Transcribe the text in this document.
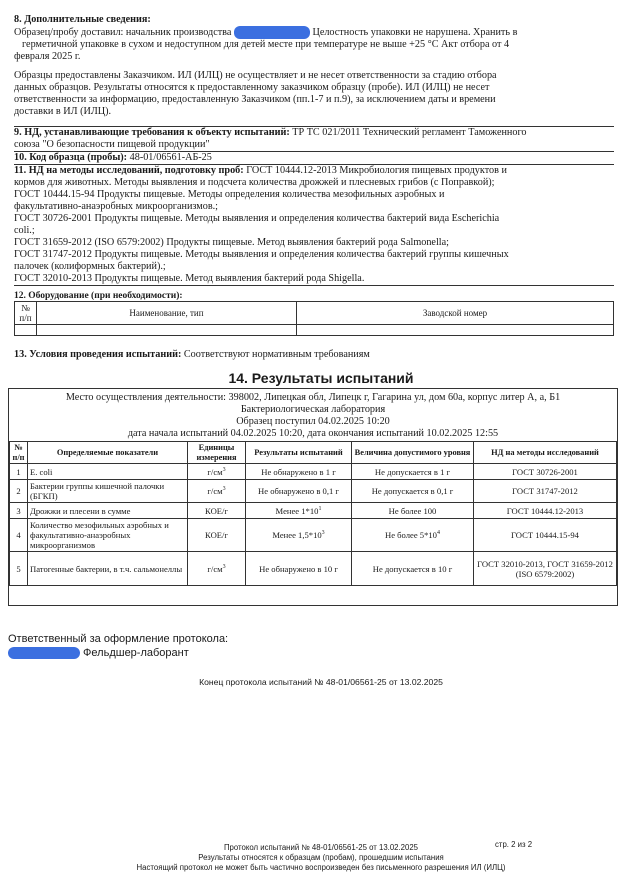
8. Дополнительные сведения:
Образец/пробу доставил: начальник производства	Целостность упаковки не нарушена. Хранить в
герметичной упаковке в сухом и недоступном для детей месте при температуре не выше +25 °C Акт отбора от 4
февраля 2025 г.
Образцы предоставлены Заказчиком. ИЛ (ИЛЦ) не осуществляет и не несет ответственности за стадию отбора
данных образцов. Результаты относятся к предоставленному заказчиком образцу (пробе). ИЛ (ИЛЦ) не несет
ответственности за информацию, предоставленную Заказчиком (пп.1-7 и п.9), за исключением даты и времени
доставки в ИЛ (ИЛЦ).
9. НД, устанавливающие требования к объекту испытаний: ТР ТС 021/2011 Технический регламент Таможенного
союза "О безопасности пищевой продукции"
10. Код образца (пробы): 48-01/06561-АБ-25
11. НД на методы исследований, подготовку проб: ГОСТ 10444.12-2013 Микробиология пищевых продуктов и
кормов для животных. Методы выявления и подсчета количества дрожжей и плесневых грибов (с Поправкой);
ГОСТ 10444.15-94 Продукты пищевые. Методы определения количества мезофильных аэробных и
факультативно-анаэробных микроорганизмов.;
ГОСТ 30726-2001 Продукты пищевые. Методы выявления и определения количества бактерий вида Escherichia
coli.;
ГОСТ 31659-2012 (ISO 6579:2002) Продукты пищевые. Метод выявления бактерий рода Salmonella;
ГОСТ 31747-2012 Продукты пищевые. Методы выявления и определения количества бактерий группы кишечных
палочек (колиформных бактерий).;
ГОСТ 32010-2013 Продукты пищевые. Метод выявления бактерий рода Shigella.
12. Оборудование (при необходимости):
№ п/п	Наименование, тип	Заводской номер

13. Условия проведения испытаний: Соответствуют нормативным требованиям
14. Результаты испытаний
Место осуществления деятельности: 398002, Липецкая обл, Липецк г, Гагарина ул, дом 60а, корпус литер А, а, Б1
Бактериологическая лаборатория
Образец поступил 04.02.2025 10:20
дата начала испытаний 04.02.2025 10:20, дата окончания испытаний 10.02.2025 12:55
№ п/п	Определяемые показатели	Единицы измерения	Результаты испытаний	Величина допустимого уровня	НД на методы исследований
1	E. coli	$г/см^3$	Не обнаружено в 1 г	Не допускается в 1 г	ГОСТ 30726-2001
2	Бактерии группы кишечной палочки (БГКП)	$г/см^3$	Не обнаружено в 0,1 г	Не допускается в 0,1 г	ГОСТ 31747-2012
3	Дрожжи и плесени в сумме	КОЕ/г	Менее $1*10^1$	Не более 100	ГОСТ 10444.12-2013
4	Количество мезофильных аэробных и факультативно-анаэробных микроорганизмов	КОЕ/г	Менее $1,5*10^3$	Не более $5*10^4$	ГОСТ 10444.15-94
5	Патогенные бактерии, в т.ч. сальмонеллы	$г/см^3$	Не обнаружено в 10 г	Не допускается в 10 г	ГОСТ 32010-2013, ГОСТ 31659-2012 (ISO 6579:2002)
Ответственный за оформление протокола:
Фельдшер-лаборант
Конец протокола испытаний № 48-01/06561-25 от 13.02.2025
Протокол испытаний № 48-01/06561-25 от 13.02.2025
Результаты относятся к образцам (пробам), прошедшим испытания
Настоящий протокол не может быть частично воспроизведен без письменного разрешения ИЛ (ИЛЦ)
стр. 2 из 2
